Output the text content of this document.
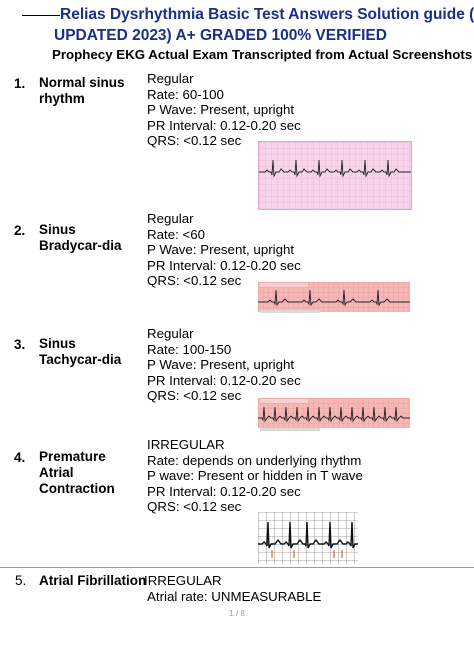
Relias Dysrhythmia Basic Test Answers Solution guide (
UPDATED 2023) A+ GRADED 100% VERIFIED
Prophecy EKG Actual Exam Transcripted from Actual Screenshots
1. Normal sinus rhythm
Regular
Rate: 60-100
P Wave: Present, upright
PR Interval: 0.12-0.20 sec
QRS: <0.12 sec
2. Sinus Bradycar-dia
Regular
Rate: <60
P Wave: Present, upright
PR Interval: 0.12-0.20 sec
QRS: <0.12 sec
3. Sinus Tachycar-dia
Regular
Rate: 100-150
P Wave: Present, upright
PR Interval: 0.12-0.20 sec
QRS: <0.12 sec
4. Premature Atrial Contraction
IRREGULAR
Rate: depends on underlying rhythm
P wave: Present or hidden in T wave
PR Interval: 0.12-0.20 sec
QRS: <0.12 sec
5. Atrial Fibrillation
IRREGULAR
Atrial rate: UNMEASURABLE
1 / 8
